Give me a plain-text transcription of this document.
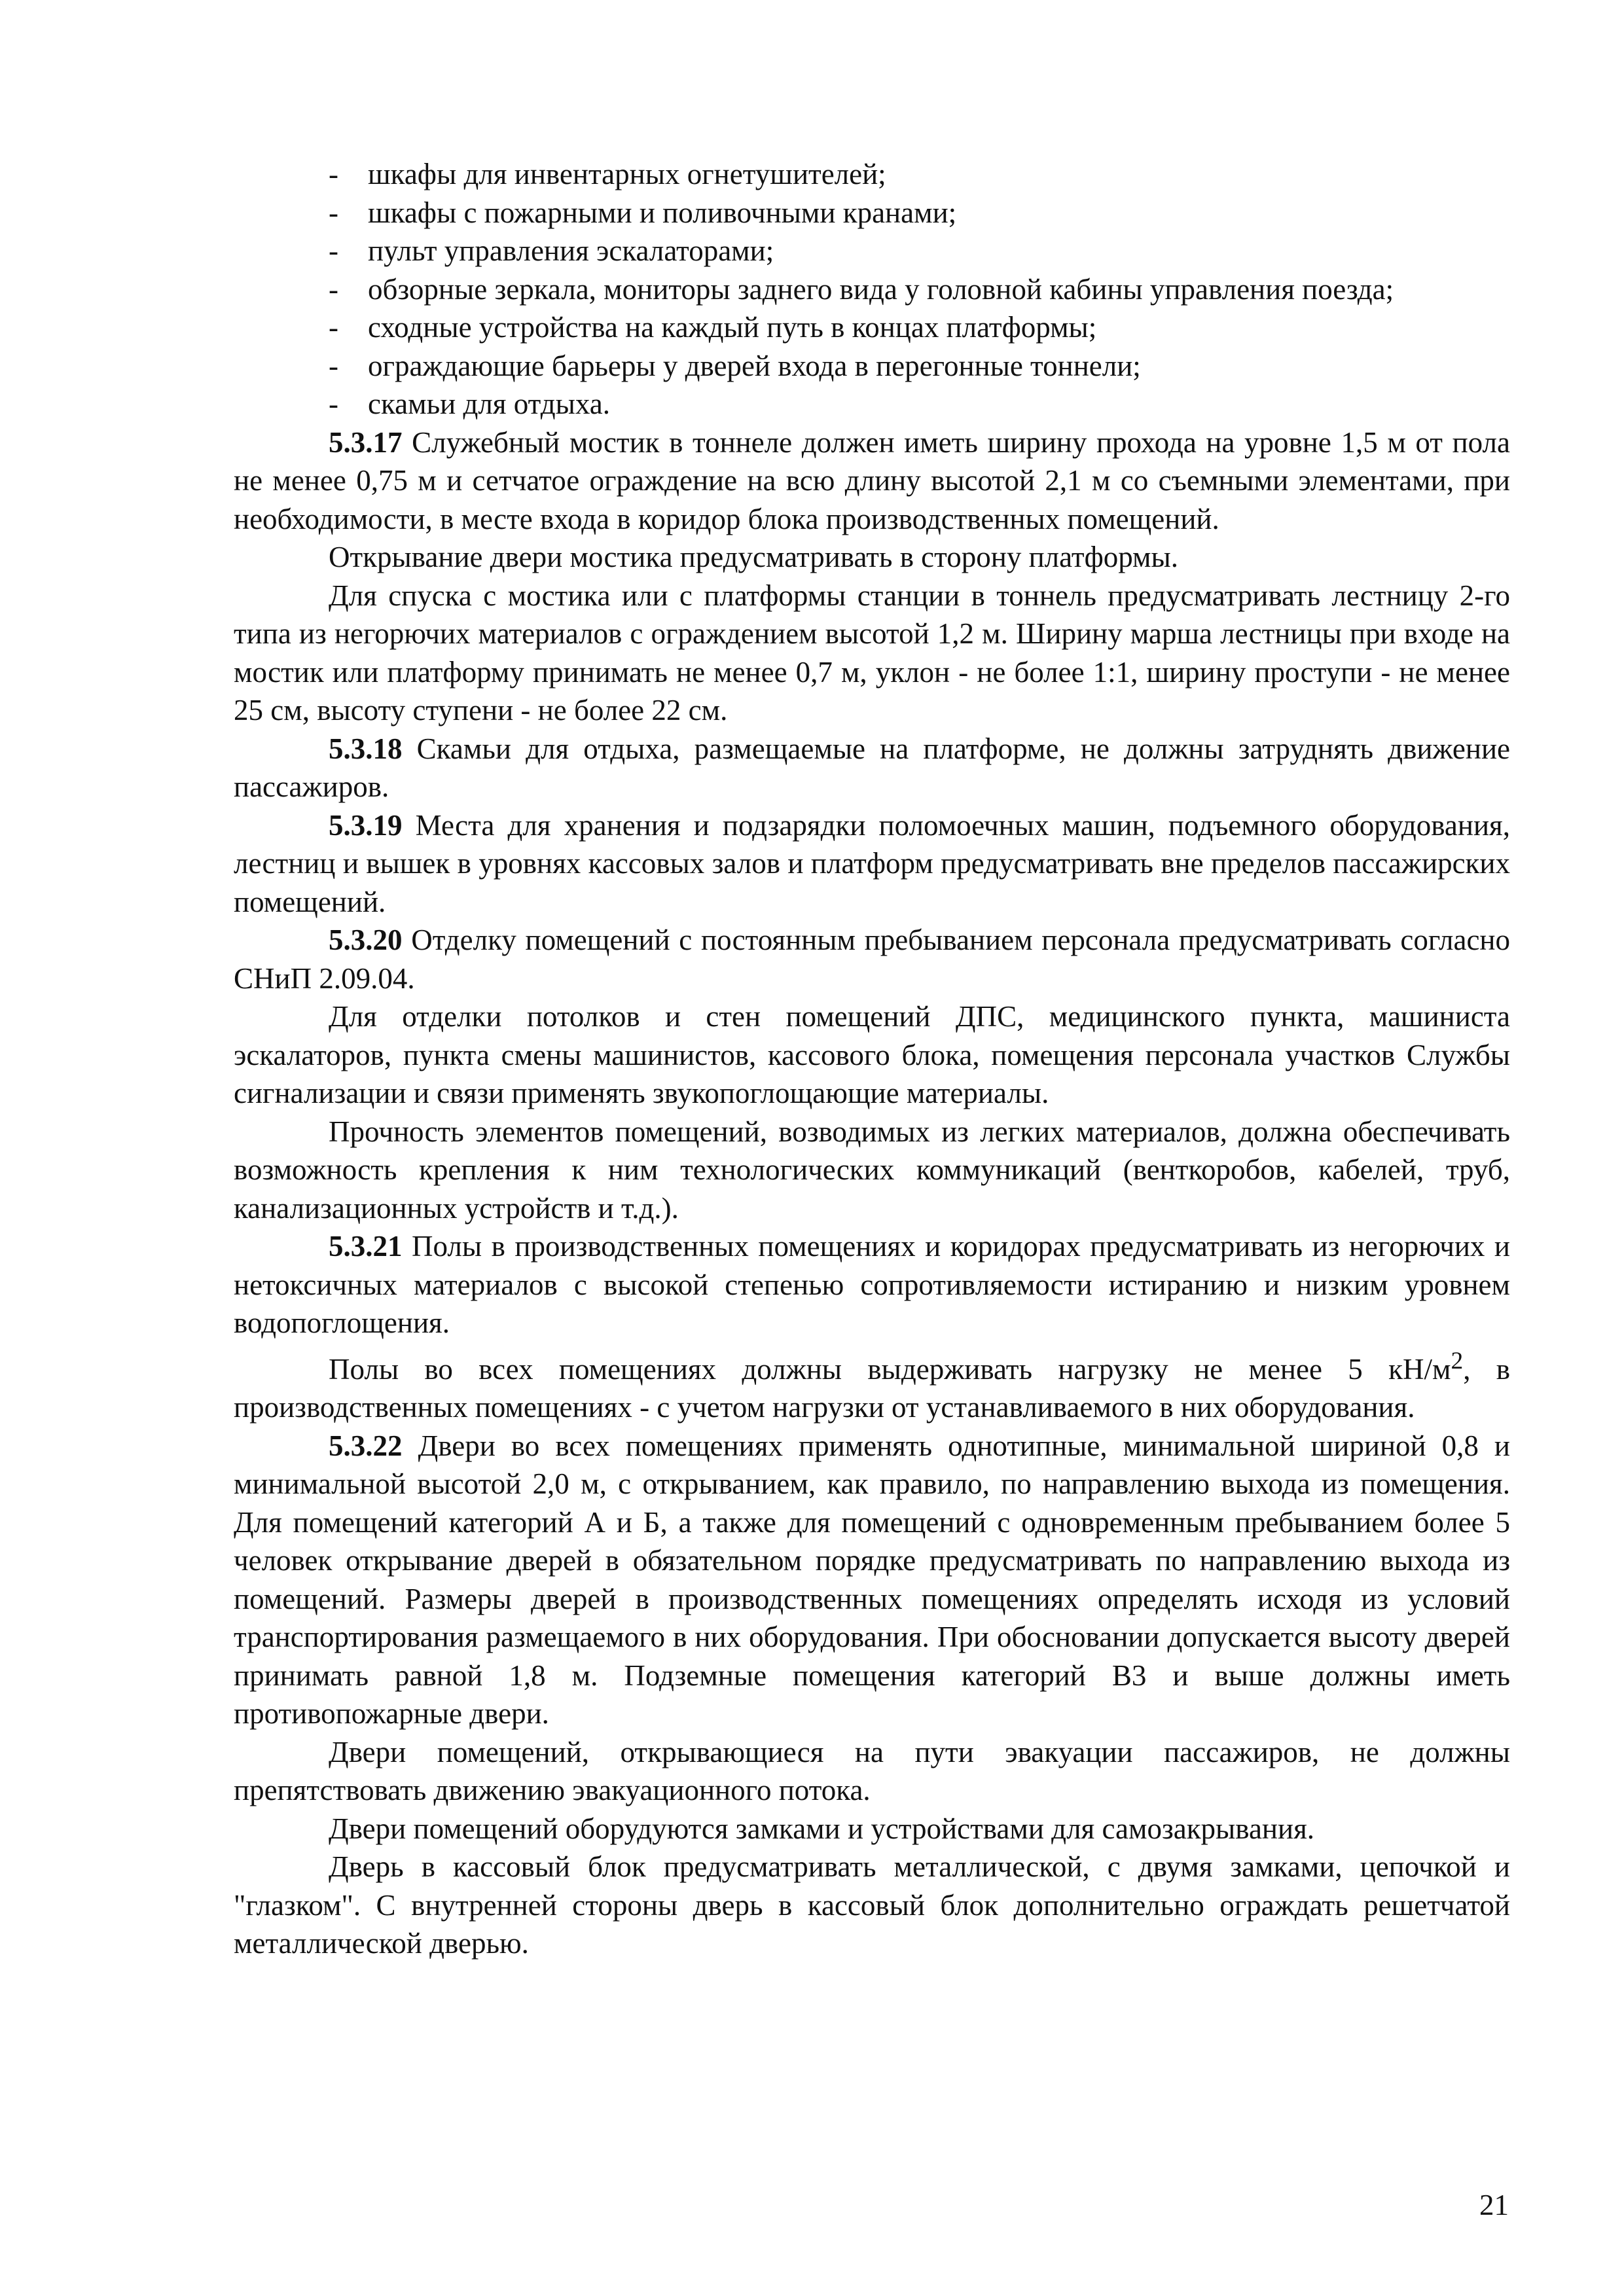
- шкафы для инвентарных огнетушителей;
- шкафы с пожарными и поливочными кранами;
- пульт управления эскалаторами;
- обзорные зеркала, мониторы заднего вида у головной кабины управления поезда;
- сходные устройства на каждый путь в концах платформы;
- ограждающие барьеры у дверей входа в перегонные тоннели;
- скамьи для отдыха.

5.3.17 Служебный мостик в тоннеле должен иметь ширину прохода на уровне 1,5 м от пола не менее 0,75 м и сетчатое ограждение на всю длину высотой 2,1 м со съемными элементами, при необходимости, в месте входа в коридор блока производственных помещений.

Открывание двери мостика предусматривать в сторону платформы.

Для спуска с мостика или с платформы станции в тоннель предусматривать лестницу 2-го типа из негорючих материалов с ограждением высотой 1,2 м. Ширину марша лестницы при входе на мостик или платформу принимать не менее 0,7 м, уклон - не более 1:1, ширину проступи - не менее 25 см, высоту ступени - не более 22 см.

5.3.18 Скамьи для отдыха, размещаемые на платформе, не должны затруднять движение пассажиров.

5.3.19 Места для хранения и подзарядки поломоечных машин, подъемного оборудования, лестниц и вышек в уровнях кассовых залов и платформ предусматривать вне пределов пассажирских помещений.

5.3.20 Отделку помещений с постоянным пребыванием персонала предусматривать согласно СНиП 2.09.04.

Для отделки потолков и стен помещений ДПС, медицинского пункта, машиниста эскалаторов, пункта смены машинистов, кассового блока, помещения персонала участков Службы сигнализации и связи применять звукопоглощающие материалы.

Прочность элементов помещений, возводимых из легких материалов, должна обеспечивать возможность крепления к ним технологических коммуникаций (венткоробов, кабелей, труб, канализационных устройств и т.д.).

5.3.21 Полы в производственных помещениях и коридорах предусматривать из негорючих и нетоксичных материалов с высокой степенью сопротивляемости истиранию и низким уровнем водопоглощения.

Полы во всех помещениях должны выдерживать нагрузку не менее 5 $кН/м^2$, в производственных помещениях - с учетом нагрузки от устанавливаемого в них оборудования.

5.3.22 Двери во всех помещениях применять однотипные, минимальной шириной 0,8 и минимальной высотой 2,0 м, с открыванием, как правило, по направлению выхода из помещения. Для помещений категорий А и Б, а также для помещений с одновременным пребыванием более 5 человек открывание дверей в обязательном порядке предусматривать по направлению выхода из помещений. Размеры дверей в производственных помещениях определять исходя из условий транспортирования размещаемого в них оборудования. При обосновании допускается высоту дверей принимать равной 1,8 м. Подземные помещения категорий В3 и выше должны иметь противопожарные двери.

Двери помещений, открывающиеся на пути эвакуации пассажиров, не должны препятствовать движению эвакуационного потока.

Двери помещений оборудуются замками и устройствами для самозакрывания.

Дверь в кассовый блок предусматривать металлической, с двумя замками, цепочкой и "глазком". С внутренней стороны дверь в кассовый блок дополнительно ограждать решетчатой металлической дверью.

21
